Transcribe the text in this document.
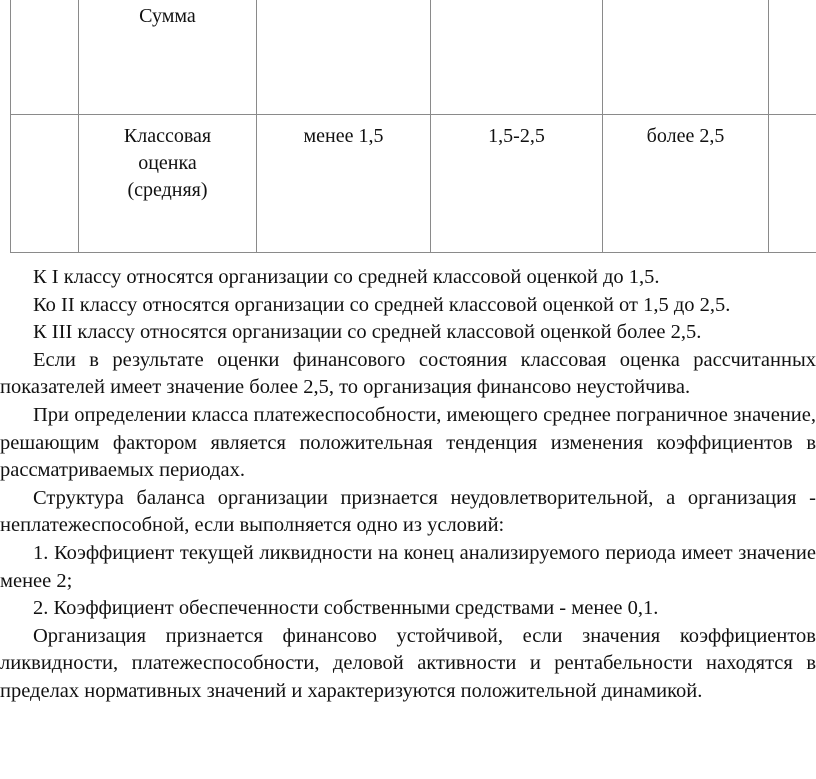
	Сумма				

	Классовая
оценка
(средняя)	менее 1,5	1,5-2,5	более 2,5	

К I классу относятся организации со средней классовой оценкой до 1,5.

Ко II классу относятся организации со средней классовой оценкой от 1,5 до 2,5.

К III классу относятся организации со средней классовой оценкой более 2,5.

Если в результате оценки финансового состояния классовая оценка рассчитанных показателей имеет значение более 2,5, то организация финансово неустойчива.

При определении класса платежеспособности, имеющего среднее пограничное значение, решающим фактором является положительная тенденция изменения коэффициентов в рассматриваемых периодах.

Структура баланса организации признается неудовлетворительной, а организация - неплатежеспособной, если выполняется одно из условий:

1. Коэффициент текущей ликвидности на конец анализируемого периода имеет значение менее 2;

2. Коэффициент обеспеченности собственными средствами - менее 0,1.

Организация признается финансово устойчивой, если значения коэффициентов ликвидности, платежеспособности, деловой активности и рентабельности находятся в пределах нормативных значений и характеризуются положительной динамикой.
